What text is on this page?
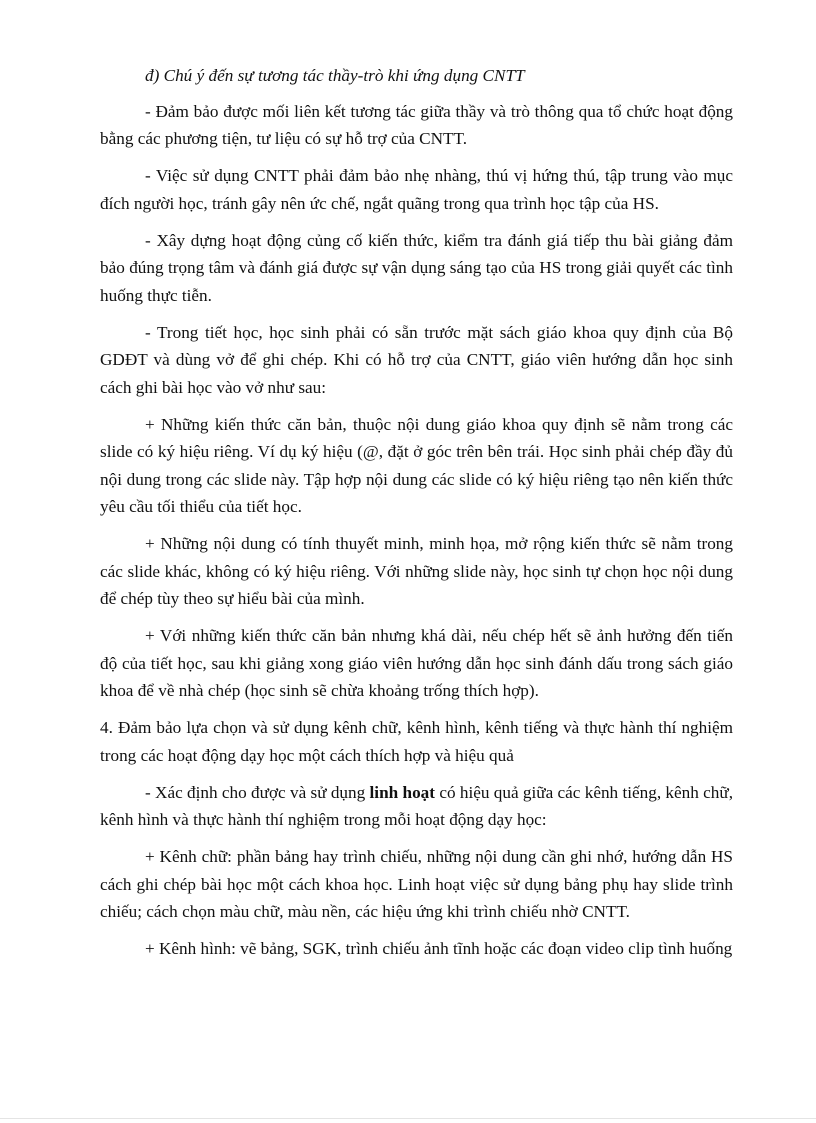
đ) Chú ý đến sự tương tác thầy-trò khi ứng dụng CNTT

- Đảm bảo được mối liên kết tương tác giữa thầy và trò thông qua tổ chức hoạt động bằng các phương tiện, tư liệu có sự hỗ trợ của CNTT.

- Việc sử dụng CNTT phải đảm bảo nhẹ nhàng, thú vị hứng thú, tập trung vào mục đích người học, tránh gây nên ức chế, ngắt quãng trong qua trình học tập của HS.

- Xây dựng hoạt động củng cố kiến thức, kiểm tra đánh giá tiếp thu bài giảng đảm bảo đúng trọng tâm và đánh giá được sự vận dụng sáng tạo của HS trong giải quyết các tình huống thực tiễn.

- Trong tiết học, học sinh phải có sẵn trước mặt sách giáo khoa quy định của Bộ GDĐT và dùng vở để ghi chép. Khi có hỗ trợ của CNTT, giáo viên hướng dẫn học sinh cách ghi bài học vào vở như sau:

+ Những kiến thức căn bản, thuộc nội dung giáo khoa quy định sẽ nằm trong các slide có ký hiệu riêng. Ví dụ ký hiệu (@, đặt ở góc trên bên trái. Học sinh phải chép đầy đủ nội dung trong các slide này. Tập hợp nội dung các slide có ký hiệu riêng tạo nên kiến thức yêu cầu tối thiểu của tiết học.

+ Những nội dung có tính thuyết minh, minh họa, mở rộng kiến thức sẽ nằm trong các slide khác, không có ký hiệu riêng. Với những slide này, học sinh tự chọn học nội dung để chép tùy theo sự hiểu bài của mình.

+ Với những kiến thức căn bản nhưng khá dài, nếu chép hết sẽ ảnh hưởng đến tiến độ của tiết học, sau khi giảng xong giáo viên hướng dẫn học sinh đánh dấu trong sách giáo khoa để về nhà chép (học sinh sẽ chừa khoảng trống thích hợp).

4. Đảm bảo lựa chọn và sử dụng kênh chữ, kênh hình, kênh tiếng và thực hành thí nghiệm trong các hoạt động dạy học một cách thích hợp và hiệu quả

- Xác định cho được và sử dụng linh hoạt có hiệu quả giữa các kênh tiếng, kênh chữ, kênh hình và thực hành thí nghiệm trong mỗi hoạt động dạy học:

+ Kênh chữ: phần bảng hay trình chiếu, những nội dung cần ghi nhớ, hướng dẫn HS cách ghi chép bài học một cách khoa học. Linh hoạt việc sử dụng bảng phụ hay slide trình chiếu; cách chọn màu chữ, màu nền, các hiệu ứng khi trình chiếu nhờ CNTT.

+ Kênh hình: vẽ bảng, SGK, trình chiếu ảnh tĩnh hoặc các đoạn video clip tình huống
